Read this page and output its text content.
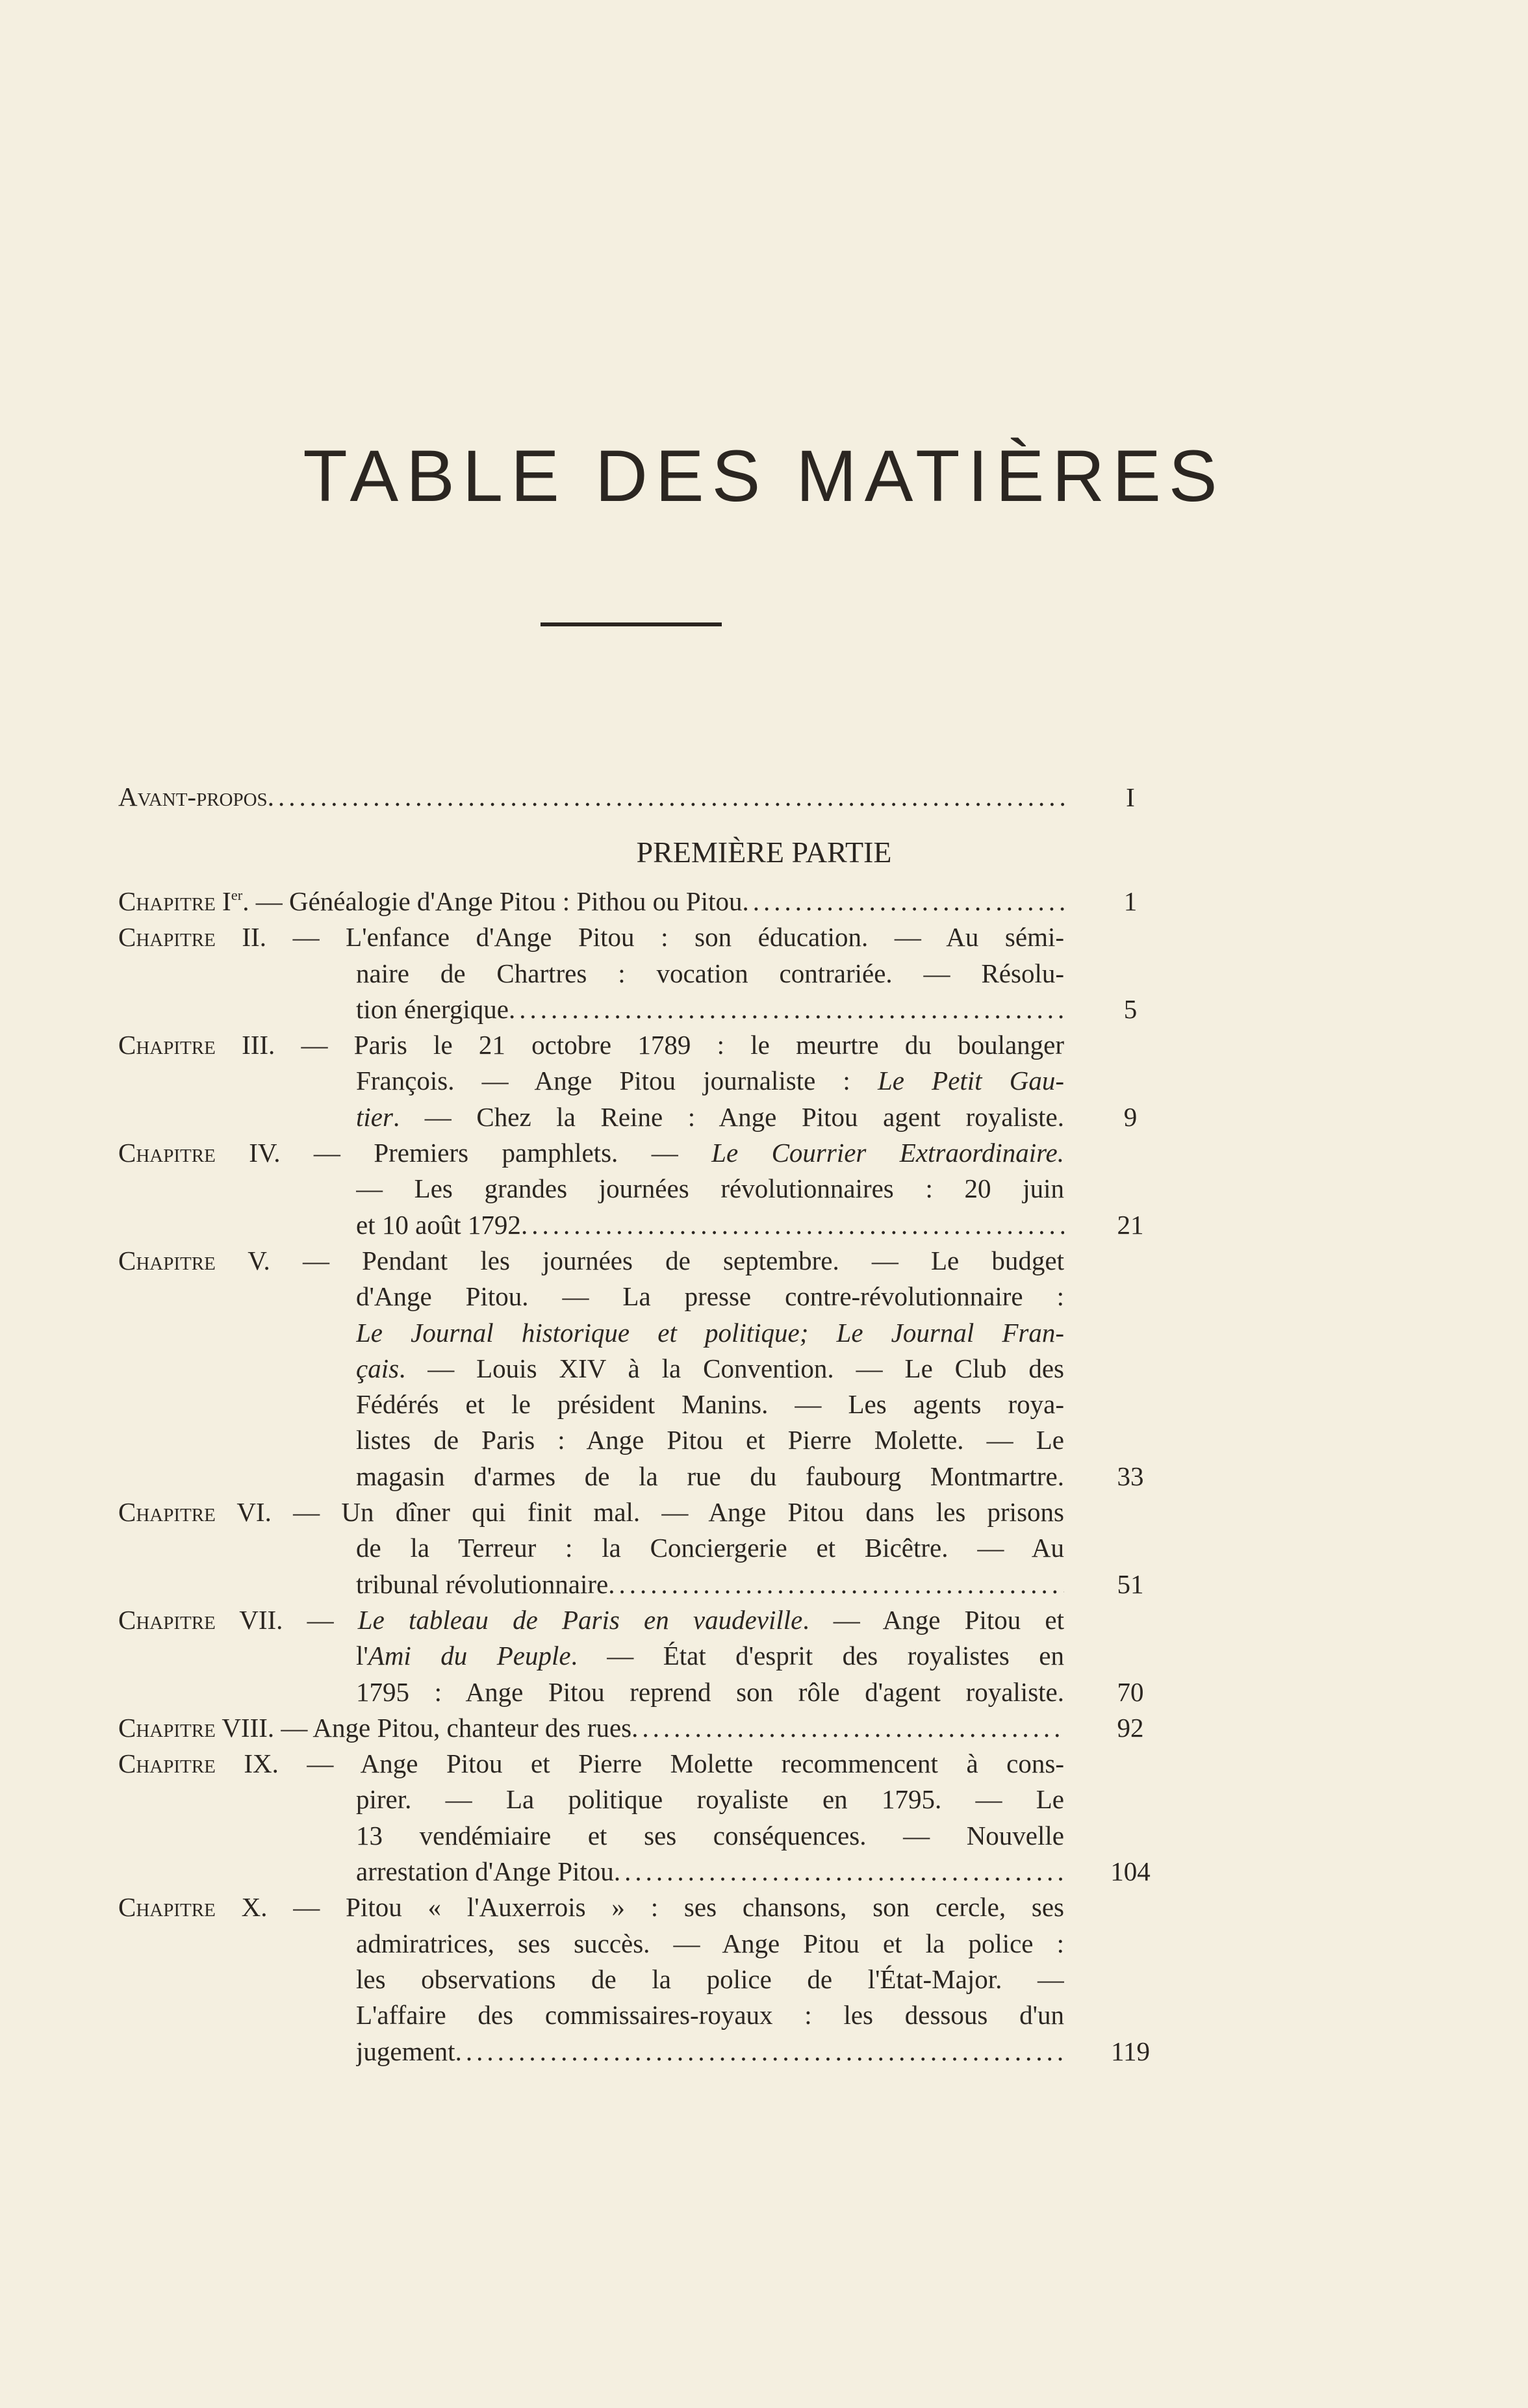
TABLE DES MATIÈRES
Avant-propos .....	I
PREMIÈRE PARTIE
Chapitre Ier. — Généalogie d'Ange Pitou : Pithou ou Pitou
.....
Chapitre II. — L'enfance d'Ange Pitou : son éducation. — Au sémi-
naire de Chartres : vocation contrariée. — Résolu-
tion énergique
.....
Chapitre III. — Paris le 21 octobre 1789 : le meurtre du boulanger
François. — Ange Pitou journaliste : Le Petit Gau-
tier. — Chez la Reine : Ange Pitou agent royaliste.
Chapitre IV. — Premiers pamphlets. — Le Courrier Extraordinaire.
— Les grandes journées révolutionnaires : 20 juin
et 10 août 1792
.....
Chapitre V. — Pendant les journées de septembre. — Le budget
d'Ange Pitou. — La presse contre-révolutionnaire :
Le Journal historique et politique; Le Journal Fran-
çais. — Louis XIV à la Convention. — Le Club des
Fédérés et le président Manins. — Les agents roya-
listes de Paris : Ange Pitou et Pierre Molette. — Le
magasin d'armes de la rue du faubourg Montmartre.
Chapitre VI. — Un dîner qui finit mal. — Ange Pitou dans les prisons
de la Terreur : la Conciergerie et Bicêtre. — Au
tribunal révolutionnaire
.....
Chapitre VII. — Le tableau de Paris en vaudeville. — Ange Pitou et
l'Ami du Peuple. — État d'esprit des royalistes en
1795 : Ange Pitou reprend son rôle d'agent royaliste.
Chapitre VIII. — Ange Pitou, chanteur des rues
.....
Chapitre IX. — Ange Pitou et Pierre Molette recommencent à cons-
pirer. — La politique royaliste en 1795. — Le
13 vendémiaire et ses conséquences. — Nouvelle
arrestation d'Ange Pitou
.....
Chapitre X. — Pitou « l'Auxerrois » : ses chansons, son cercle, ses
admiratrices, ses succès. — Ange Pitou et la police :
les observations de la police de l'État-Major. —
L'affaire des commissaires-royaux : les dessous d'un
jugement
.....
1
5
9
21
33
51
70
92
104
119
